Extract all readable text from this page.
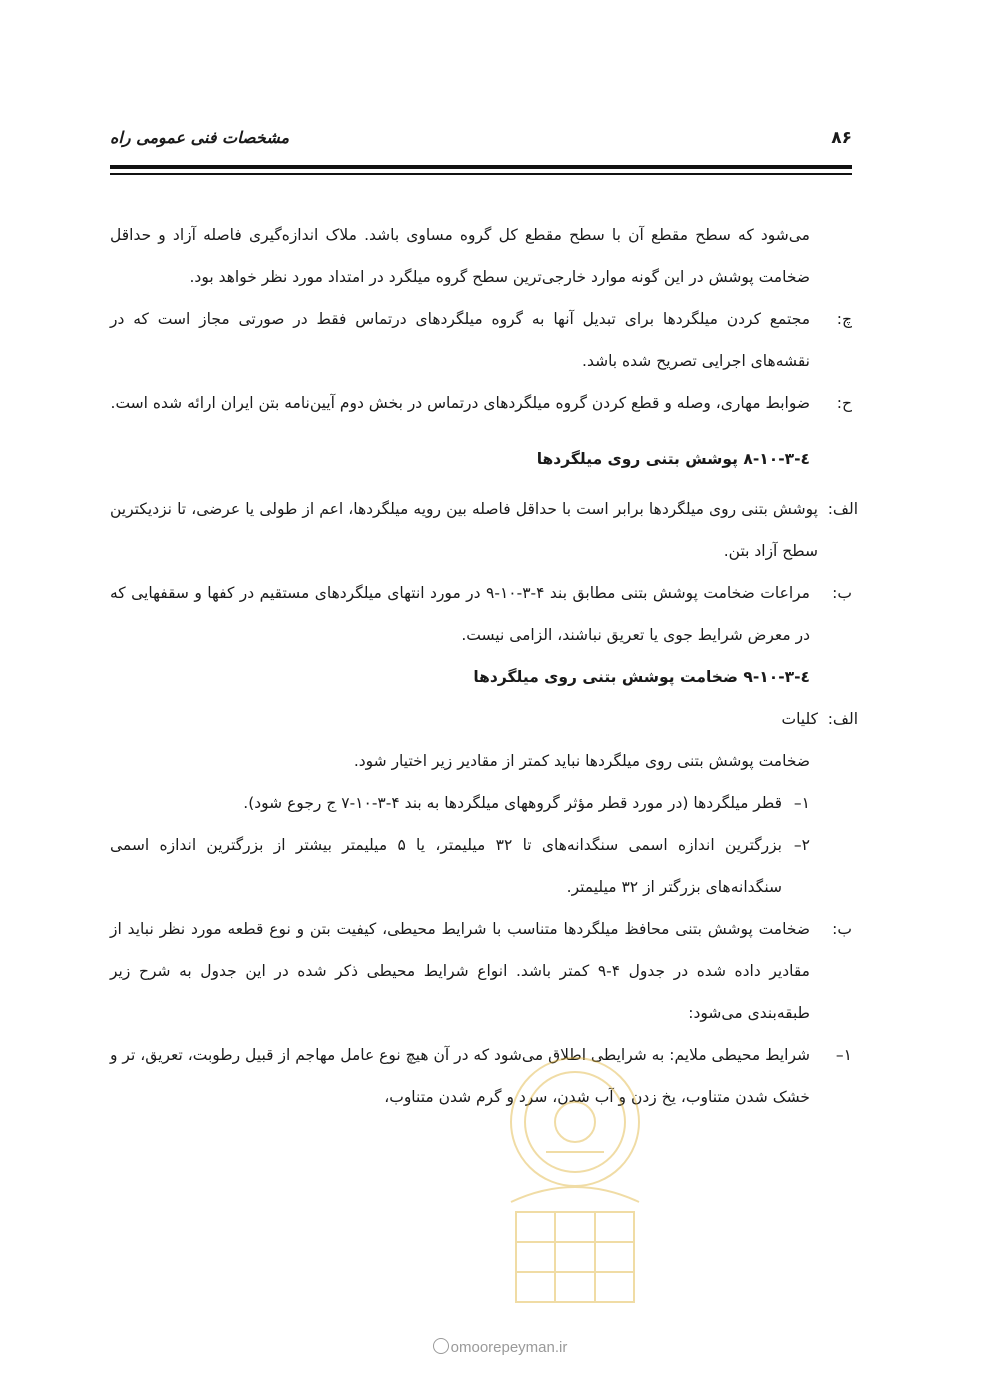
۸۶
مشخصات فنی عمومی راه

می‌شود که سطح مقطع آن با سطح مقطع کل گروه مساوی باشد. ملاک اندازه‌گیری فاصله آزاد و حداقل ضخامت پوشش در این گونه موارد خارجی‌ترین سطح گروه میلگرد در امتداد مورد نظر خواهد بود.

چ:
مجتمع کردن میلگردها برای تبدیل آنها به گروه میلگردهای درتماس فقط در صورتی مجاز است که در نقشه‌های اجرایی تصریح شده باشد.
ح:
ضوابط مهاری، وصله و قطع کردن گروه میلگردهای درتماس در بخش دوم آیین‌نامه بتن ایران ارائه شده است.

٤-٣-١٠-٨ پوشش بتنی روی میلگردها

الف:
پوشش بتنی روی میلگردها برابر است با حداقل فاصله بین رویه میلگردها، اعم از طولی یا عرضی، تا نزدیکترین سطح آزاد بتن.
ب:
مراعات ضخامت پوشش بتنی مطابق بند ۴-۳-۱۰-۹ در مورد انتهای میلگردهای مستقیم در کفها و سقفهایی که در معرض شرایط جوی یا تعریق نباشند، الزامی نیست.

٤-٣-١٠-٩ ضخامت پوشش بتنی روی میلگردها

الف:
کلیات

ضخامت پوشش بتنی روی میلگردها نباید کمتر از مقادیر زیر اختیار شود.

۱–
قطر میلگردها (در مورد قطر مؤثر گروههای میلگردها به بند ۴-۳-۱۰-۷ ج رجوع شود).
۲–
بزرگترین اندازه اسمی سنگدانه‌های تا ۳۲ میلیمتر، یا ۵ میلیمتر بیشتر از بزرگترین اندازه اسمی سنگدانه‌های بزرگتر از ۳۲ میلیمتر.
ب:
ضخامت پوشش بتنی محافظ میلگردها متناسب با شرایط محیطی، کیفیت بتن و نوع قطعه مورد نظر نباید از مقادیر داده شده در جدول ۴-۹ کمتر باشد. انواع شرایط محیطی ذکر شده در این جدول به شرح زیر طبقه‌بندی می‌شود:
۱–
شرایط محیطی ملایم: به شرایطی اطلاق می‌شود که در آن هیچ نوع عامل مهاجم از قبیل رطوبت، تعریق، تر و خشک شدن متناوب، یخ زدن و آب شدن، سرد و گرم شدن متناوب،
omoorepeyman.ir
